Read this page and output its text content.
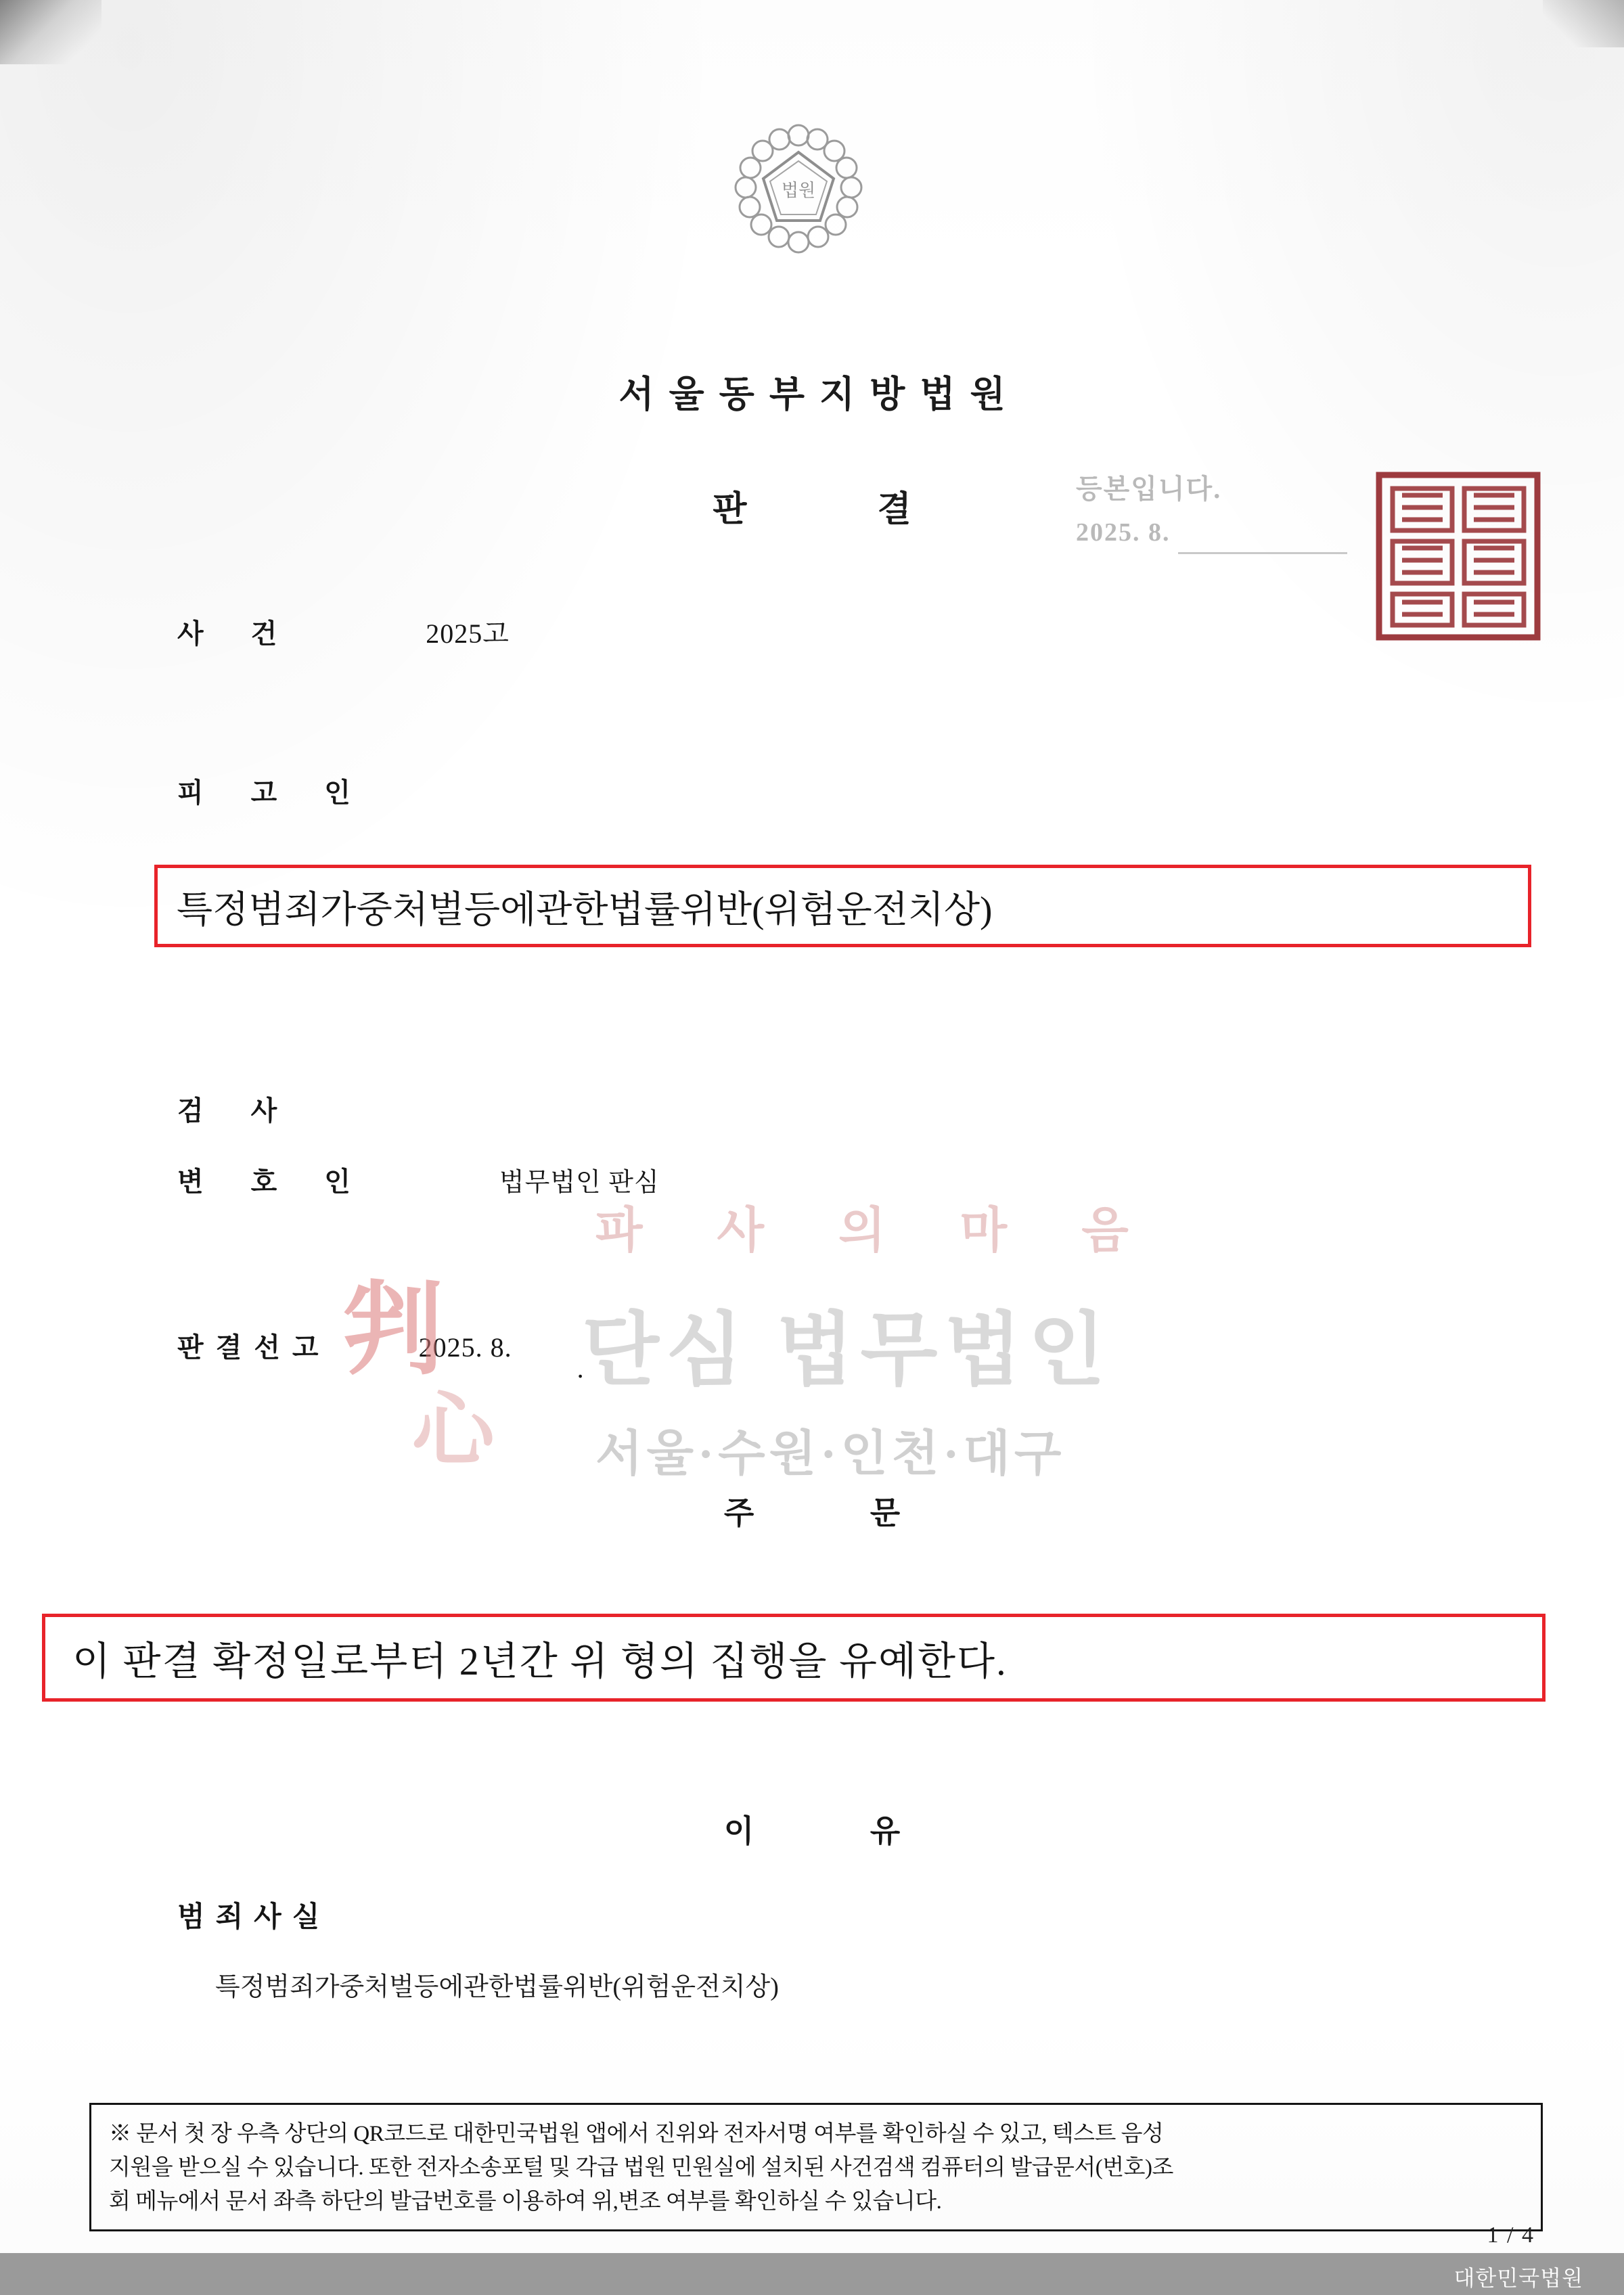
법원
서울동부지방법원
판 결
등본입니다.
2025. 8.
사 건	2025고
피 고 인
특정범죄가중처벌등에관한법률위반(위험운전치상)
검 사
변 호 인	법무법인 판심
판결선고	2025. 8.
判
心
파 사 의 마 음
단심 법무법인
서울·수원·인천·대구
주 문
이 판결 확정일로부터 2년간 위 형의 집행을 유예한다.
이 유
범죄사실
특정범죄가중처벌등에관한법률위반(위험운전치상)

※ 문서 첫 장 우측 상단의 QR코드로 대한민국법원 앱에서 진위와 전자서명 여부를 확인하실 수 있고, 텍스트 음성

지원을 받으실 수 있습니다. 또한 전자소송포털 및 각급 법원 민원실에 설치된 사건검색 컴퓨터의 발급문서(번호)조

회 메뉴에서 문서 좌측 하단의 발급번호를 이용하여 위,변조 여부를 확인하실 수 있습니다.

1 / 4
대한민국법원
